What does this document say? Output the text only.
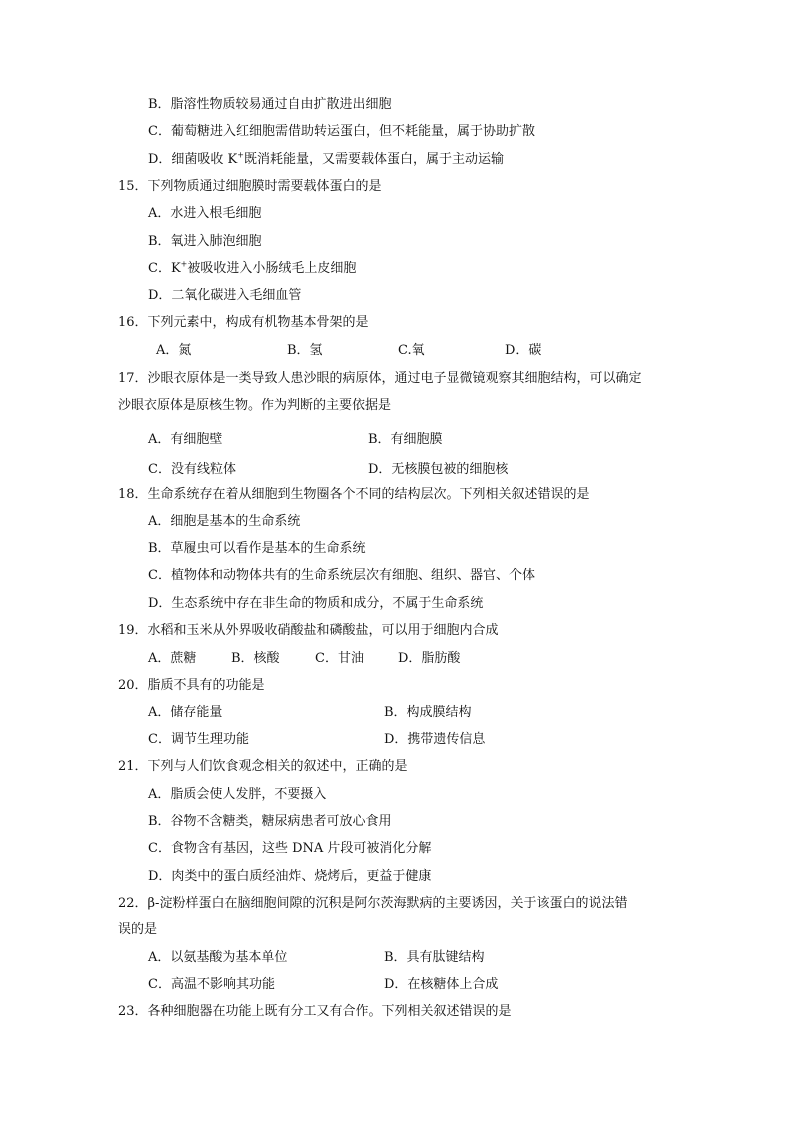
B．脂溶性物质较易通过自由扩散进出细胞
C．葡萄糖进入红细胞需借助转运蛋白，但不耗能量，属于协助扩散
D．细菌吸收 K+既消耗能量，又需要载体蛋白，属于主动运输
15．下列物质通过细胞膜时需要载体蛋白的是
A．水进入根毛细胞
B．氧进入肺泡细胞
C．K+被吸收进入小肠绒毛上皮细胞
D．二氧化碳进入毛细血管
16．下列元素中，构成有机物基本骨架的是
A．氮	B．氢	C.氧	D．碳
17．沙眼衣原体是一类导致人患沙眼的病原体，通过电子显微镜观察其细胞结构，可以确定
沙眼衣原体是原核生物。作为判断的主要依据是
A．有细胞壁	B．有细胞膜
C．没有线粒体	D．无核膜包被的细胞核
18．生命系统存在着从细胞到生物圈各个不同的结构层次。下列相关叙述错误的是
A．细胞是基本的生命系统
B．草履虫可以看作是基本的生命系统
C．植物体和动物体共有的生命系统层次有细胞、组织、器官、个体
D．生态系统中存在非生命的物质和成分，不属于生命系统
19．水稻和玉米从外界吸收硝酸盐和磷酸盐，可以用于细胞内合成
A．蔗糖	B．核酸	C．甘油	D．脂肪酸
20．脂质不具有的功能是
A．储存能量	B．构成膜结构
C．调节生理功能	D．携带遗传信息
21．下列与人们饮食观念相关的叙述中，正确的是
A．脂质会使人发胖，不要摄入
B．谷物不含糖类，糖尿病患者可放心食用
C．食物含有基因，这些 DNA 片段可被消化分解
D．肉类中的蛋白质经油炸、烧烤后，更益于健康
22．β-淀粉样蛋白在脑细胞间隙的沉积是阿尔茨海默病的主要诱因，关于该蛋白的说法错
误的是
A．以氨基酸为基本单位	B．具有肽键结构
C．高温不影响其功能	D．在核糖体上合成
23．各种细胞器在功能上既有分工又有合作。下列相关叙述错误的是
